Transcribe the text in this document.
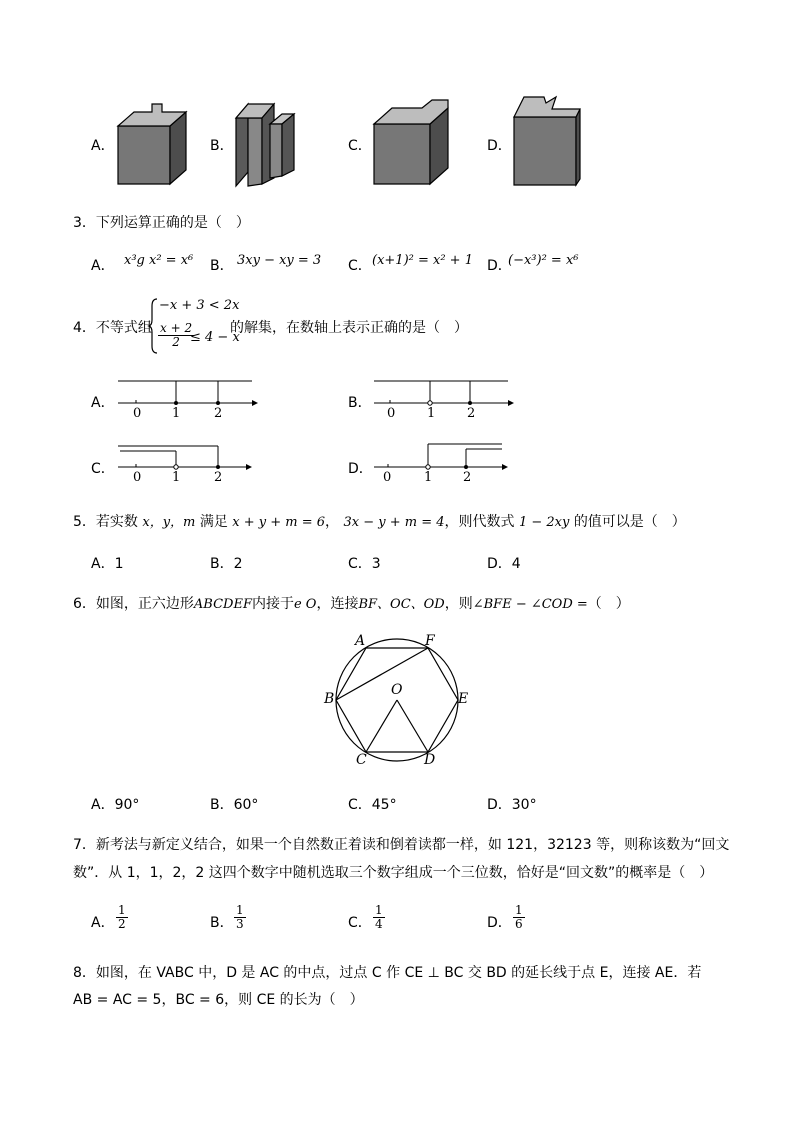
A．	B．	C．	D．
3．下列运算正确的是（　）
A． x³g x² = x⁶ B． 3xy − xy = 3 C． (x+1)² = x² + 1 D．
(−x³)² = x⁶
4．不等式组
−x + 3 < 2x
$\frac{x + 2}{2}$
≤ 4 − x
的解集，在数轴上表示正确的是（　）
A．
0 1	2
B．
0 1 2
C．
0 1	2
D．
0	1 2
5．若实数 x，y，m 满足 x + y + m = 6， 3x − y + m = 4，则代数式 1 − 2xy 的值可以是（　）
A．1	B．2	C．3	D．4
6．如图，正六边形ABCDEF内接于e O，连接BF、OC、OD，则∠BFE − ∠COD =（　）
A	F
B	E
O
C	D
A．90°	B．60°	C．45°	D．30°
7．新考法与新定义结合，如果一个自然数正着读和倒着读都一样，如 121，32123 等，则称该数为“回文
数”．从 1，1，2，2 这四个数字中随机选取三个数字组成一个三位数，恰好是“回文数”的概率是（　）
A． $\frac{1}{2}$	B． $\frac{1}{3}$	C． $\frac{1}{4}$	D． $\frac{1}{6}$
8．如图，在 VABC 中，D 是 AC 的中点，过点 C 作 CE ⊥ BC 交 BD 的延长线于点 E，连接 AE．若
AB = AC = 5，BC = 6，则 CE 的长为（　）
